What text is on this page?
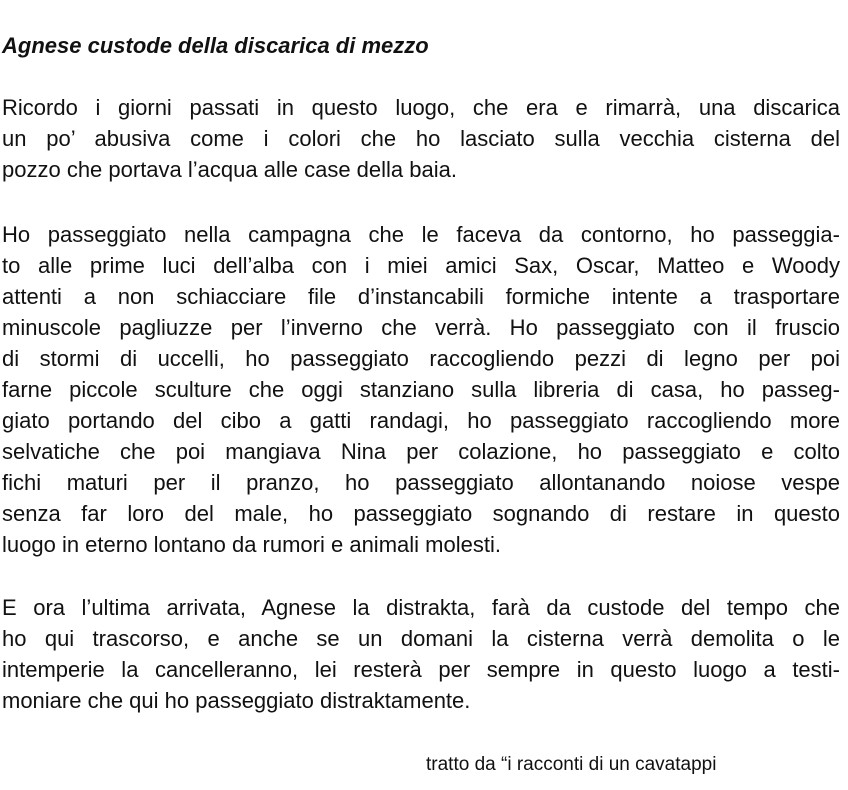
Agnese custode della discarica di mezzo

Ricordo i giorni passati in questo luogo, che era e rimarrà, una discarica
un po’ abusiva come i colori che ho lasciato sulla vecchia cisterna del
pozzo che portava l’acqua alle case della baia.

Ho passeggiato nella campagna che le faceva da contorno, ho passeggia-
to alle prime luci dell’alba con i miei amici Sax, Oscar, Matteo e Woody
attenti a non schiacciare file d’instancabili formiche intente a trasportare
minuscole pagliuzze per l’inverno che verrà. Ho passeggiato con il fruscio
di stormi di uccelli, ho passeggiato raccogliendo pezzi di legno per poi
farne piccole sculture che oggi stanziano sulla libreria di casa, ho passeg-
giato portando del cibo a gatti randagi, ho passeggiato raccogliendo more
selvatiche che poi mangiava Nina per colazione, ho passeggiato e colto
fichi maturi per il pranzo, ho passeggiato allontanando noiose vespe
senza far loro del male, ho passeggiato sognando di restare in questo
luogo in eterno lontano da rumori e animali molesti.

E ora l’ultima arrivata, Agnese la distrakta, farà da custode del tempo che
ho qui trascorso, e anche se un domani la cisterna verrà demolita o le
intemperie la cancelleranno, lei resterà per sempre in questo luogo a testi-
moniare che qui ho passeggiato distraktamente.

tratto da “i racconti di un cavatappi
